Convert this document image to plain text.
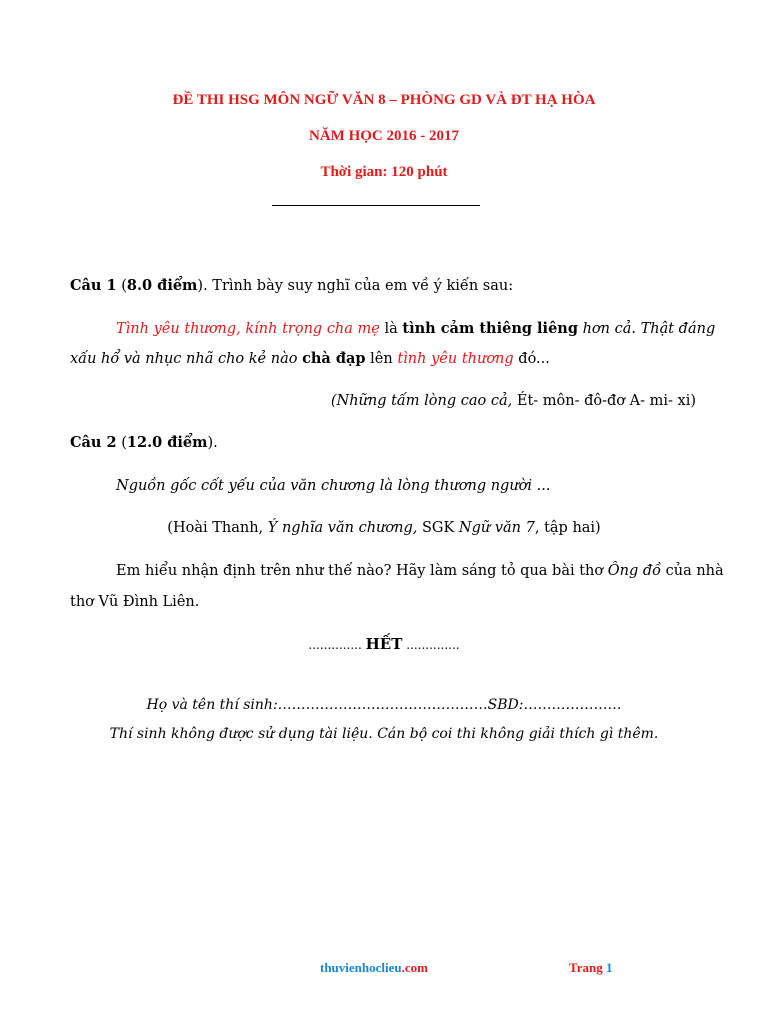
ĐỀ THI HSG MÔN NGỮ VĂN 8 – PHÒNG GD VÀ ĐT HẠ HÒA
NĂM HỌC 2016 - 2017
Thời gian: 120 phút
Câu 1 (8.0 điểm). Trình bày suy nghĩ của em về ý kiến sau:
Tình yêu thương, kính trọng cha mẹ là tình cảm thiêng liêng hơn cả. Thật đáng
xấu hổ và nhục nhã cho kẻ nào chà đạp lên tình yêu thương đó...
(Những tấm lòng cao cả, Ét- môn- đô-đơ A- mi- xi)
Câu 2 (12.0 điểm).
Nguồn gốc cốt yếu của văn chương là lòng thương người ...
(Hoài Thanh, Ý nghĩa văn chương, SGK Ngữ văn 7, tập hai)
Em hiểu nhận định trên như thế nào? Hãy làm sáng tỏ qua bài thơ Ông đồ của nhà
thơ Vũ Đình Liên.
.............. HẾT ..............
Họ và tên thí sinh:………………………………………SBD:…………………
Thí sinh không được sử dụng tài liệu. Cán bộ coi thi không giải thích gì thêm.
thuvienhoclieu.com	Trang 1
